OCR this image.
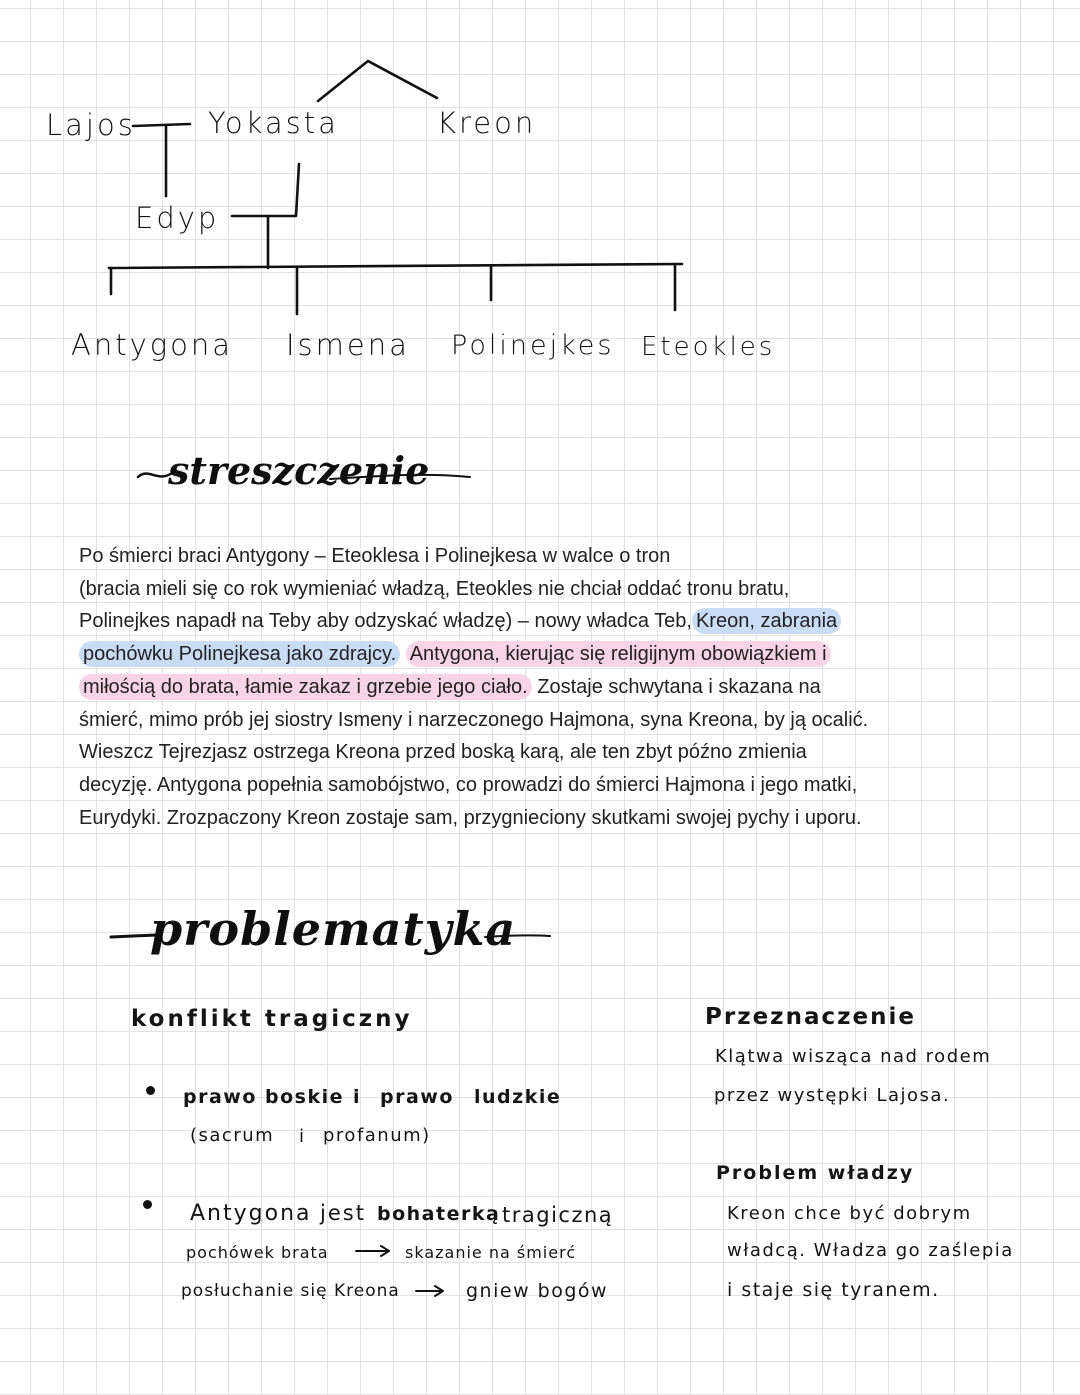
Lajos Yokasta	Kreon
Edyp
Antygona Ismena Polinejkes Eteokles
streszczenie

Po śmierci braci Antygony – Eteoklesa i Polinejkesa w walce o tron

(bracia mieli się co rok wymieniać władzą, Eteokles nie chciał oddać tronu bratu,

Polinejkes napadł na Teby aby odzyskać władzę) – nowy władca Teb, Kreon, zabrania

pochówku Polinejkesa jako zdrajcy. Antygona, kierując się religijnym obowiązkiem i

miłością do brata, łamie zakaz i grzebie jego ciało. Zostaje schwytana i skazana na

śmierć, mimo prób jej siostry Ismeny i narzeczonego Hajmona, syna Kreona, by ją ocalić.

Wieszcz Tejrezjasz ostrzega Kreona przed boską karą, ale ten zbyt późno zmienia

decyzję. Antygona popełnia samobójstwo, co prowadzi do śmierci Hajmona i jego matki,

Eurydyki. Zrozpaczony Kreon zostaje sam, przygnieciony skutkami swojej pychy i uporu.

problematyka
konflikt tragiczny
prawo boskie i prawo ludzkie
(sacrum i profanum)
Antygona jest bohaterką tragiczną
pochówek brata	skazanie na śmierć
posłuchanie się Kreona	gniew bogów
Przeznaczenie
Klątwa wisząca nad rodem
przez występki Lajosa.
Problem władzy
Kreon chce być dobrym
władcą. Władza go zaślepia
i staje się tyranem.
